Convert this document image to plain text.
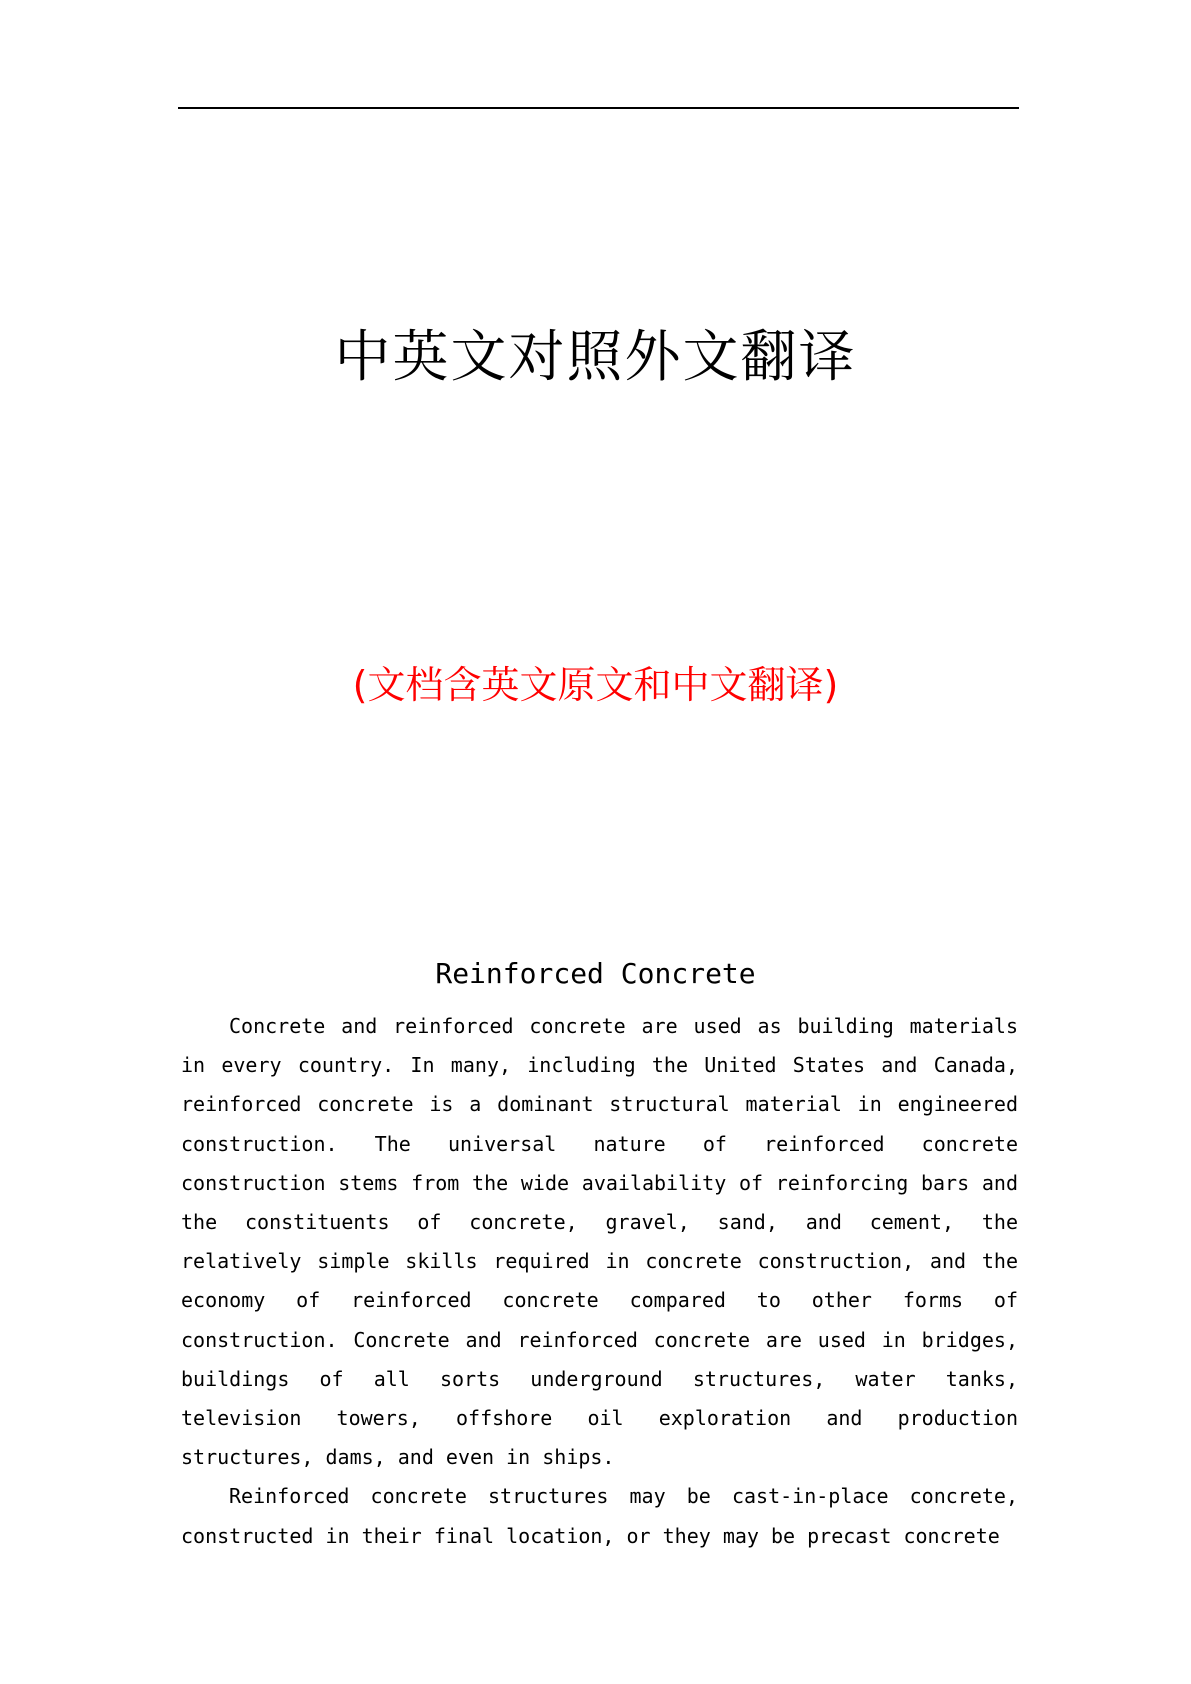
中英文对照外文翻译
(文档含英文原文和中文翻译)
Reinforced Concrete

Concrete and reinforced concrete are used as building materials in every country. In many, including the United States and Canada, reinforced concrete is a dominant structural material in engineered construction. The universal nature of reinforced concrete construction stems from the wide availability of reinforcing bars and the constituents of concrete, gravel, sand, and cement, the relatively simple skills required in concrete construction, and the economy of reinforced concrete compared to other forms of construction. Concrete and reinforced concrete are used in bridges, buildings of all sorts underground structures, water tanks, television towers, offshore oil exploration and production structures, dams, and even in ships.

Reinforced concrete structures may be cast-in-place concrete, constructed in their final location, or they may be precast concrete
